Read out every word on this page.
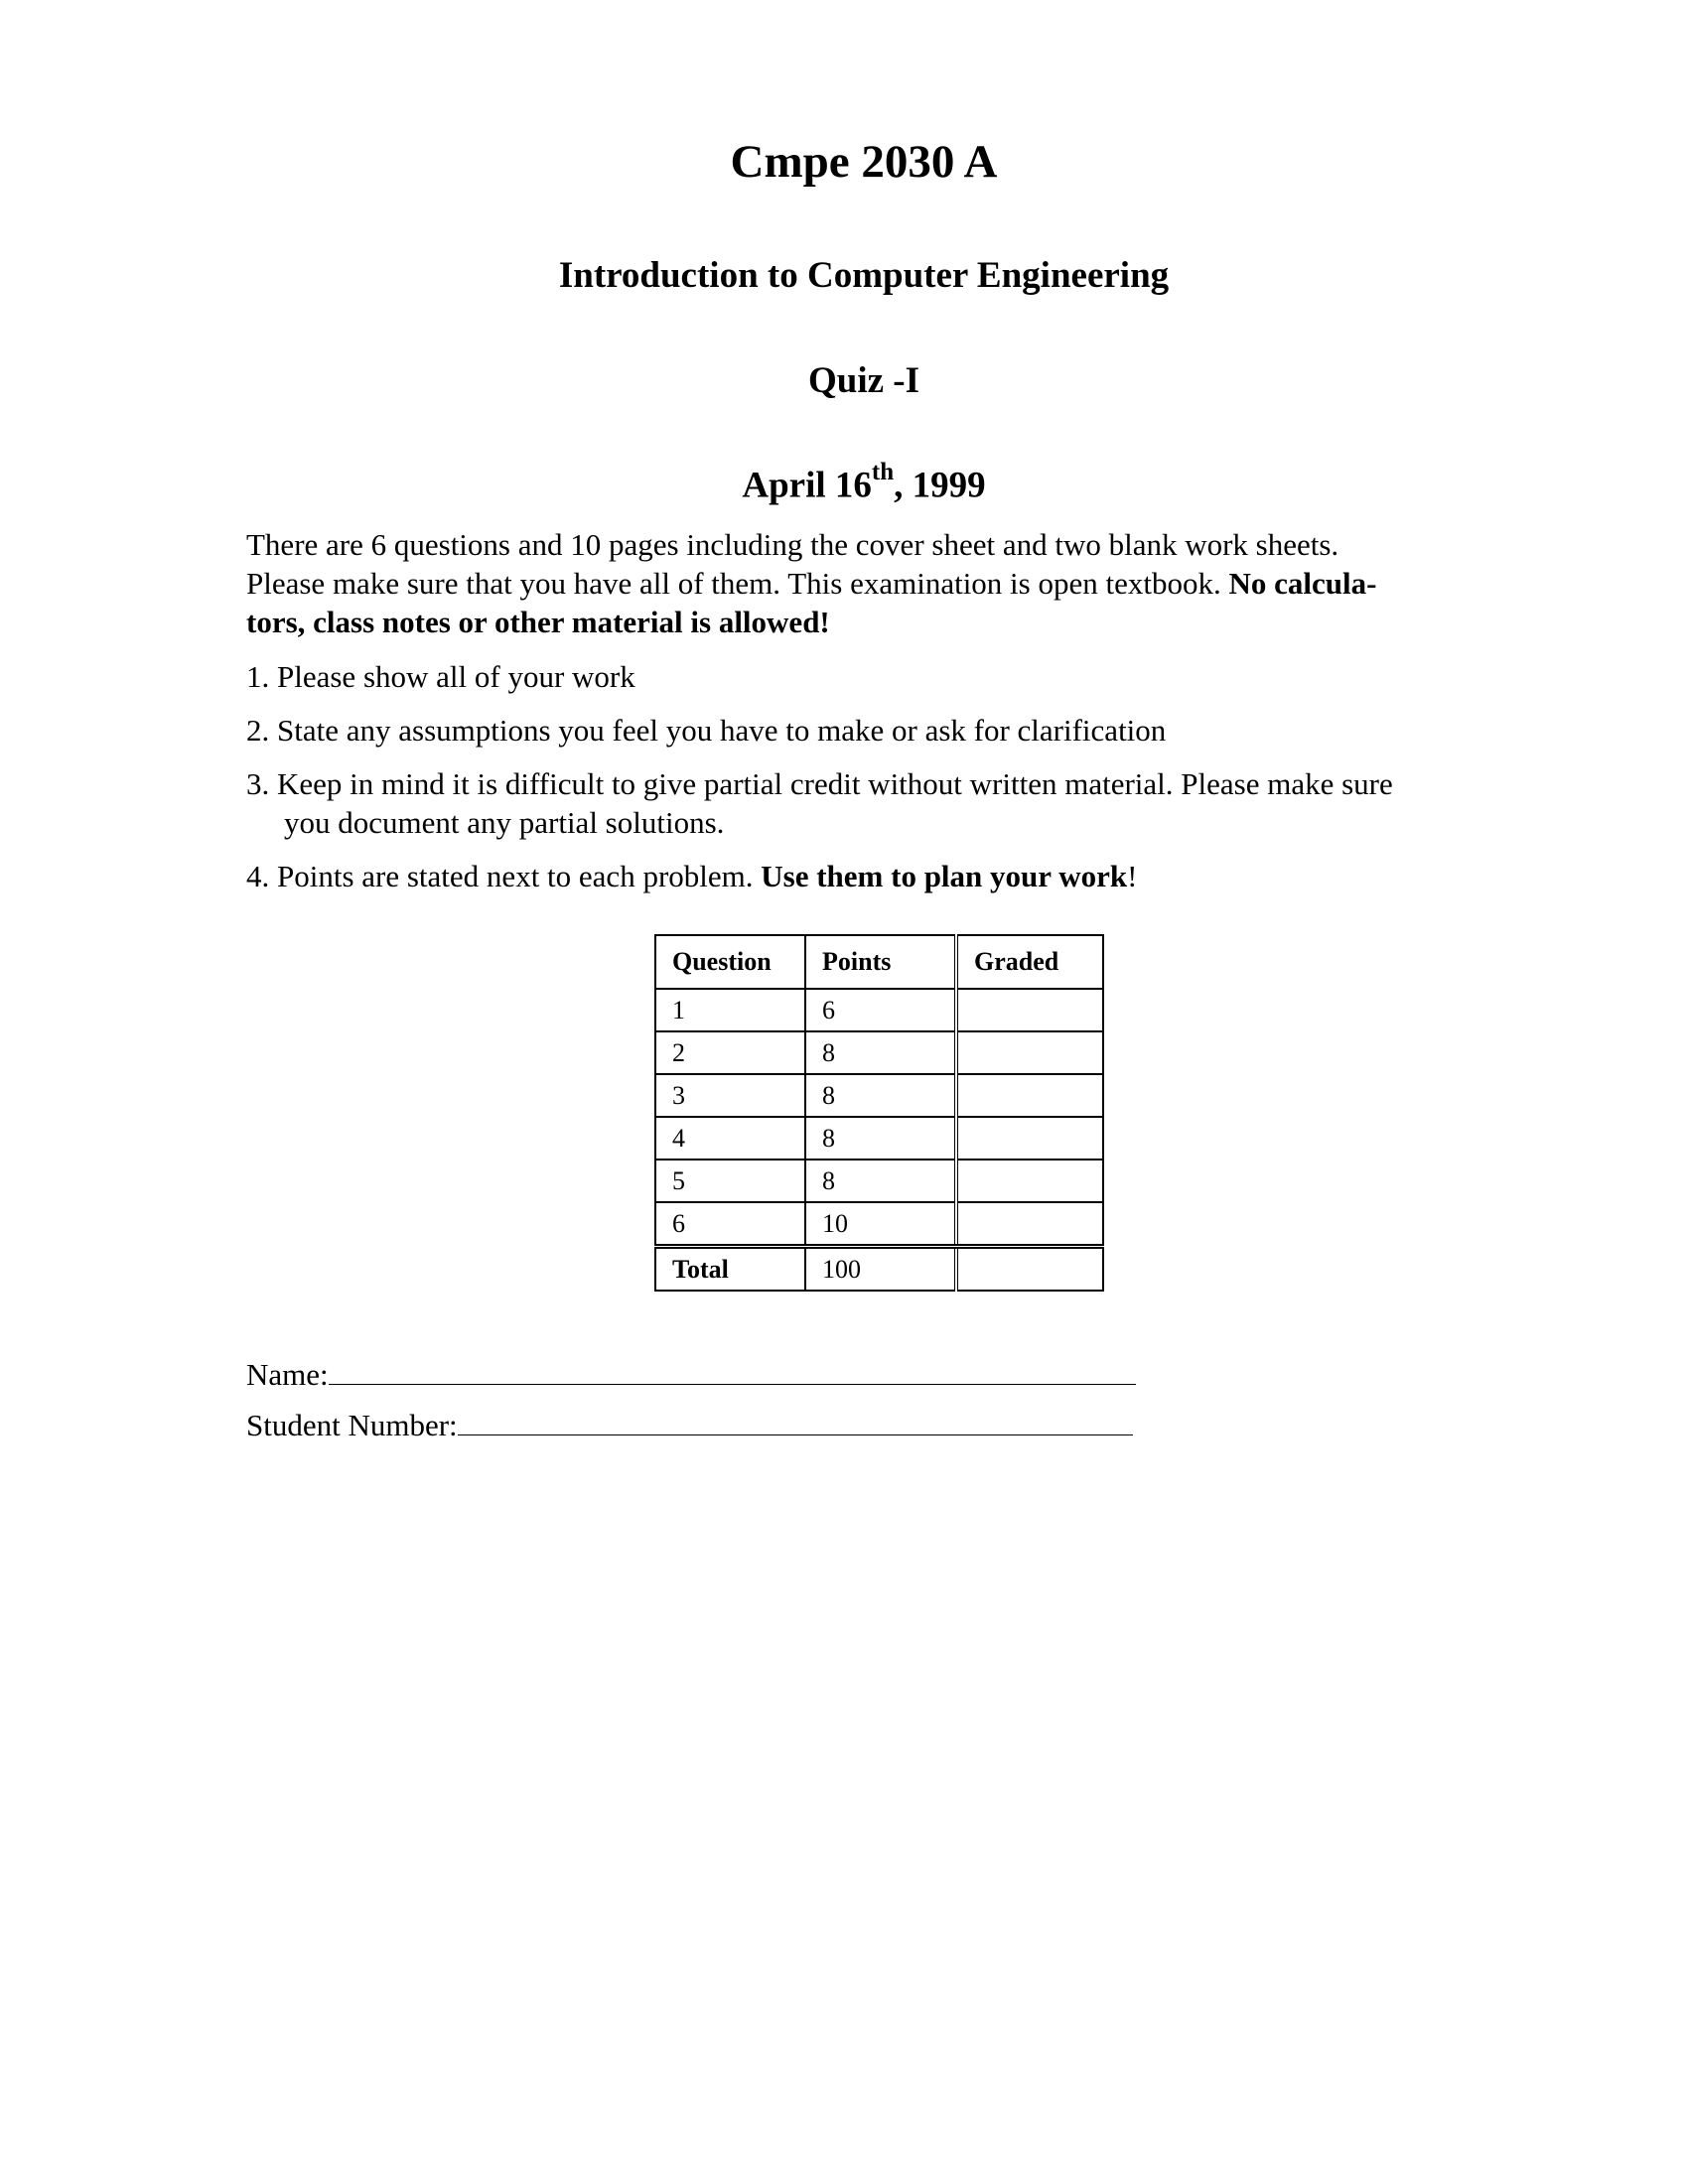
Cmpe 2030 A
Introduction to Computer Engineering
Quiz -I
April 16th, 1999
There are 6 questions and 10 pages including the cover sheet and two blank work sheets.
Please make sure that you have all of them. This examination is open textbook. No calcula-
tors, class notes or other material is allowed!
1. Please show all of your work
2. State any assumptions you feel you have to make or ask for clarification
3. Keep in mind it is difficult to give partial credit without written material. Please make sure
you document any partial solutions.
4. Points are stated next to each problem. Use them to plan your work!
Question	Points	Graded
1	6	
2	8	
3	8	
4	8	
5	8	
6	10	
Total	100	
Name:
Student Number:
